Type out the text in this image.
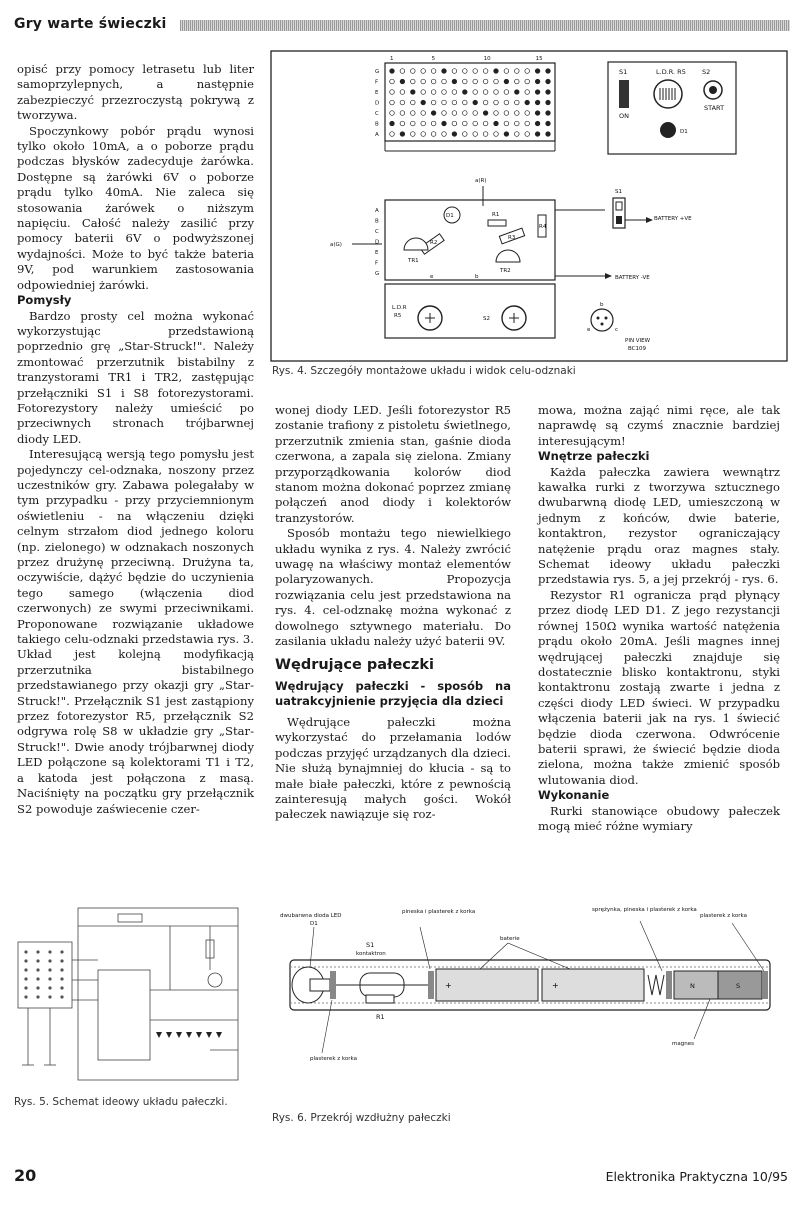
Gry warte świeczki

opisć przy pomocy letrasetu lub liter samoprzylepnych, a następnie zabezpieczyć przezroczystą pokrywą z tworzywa.

Spoczynkowy pobór prądu wynosi tylko około 10mA, a o poborze prądu podczas błysków zadecyduje żarówka. Dostępne są żarówki 6V o poborze prądu tylko 40mA. Nie zaleca się stosowania żarówek o niższym napięciu. Całość należy zasilić przy pomocy baterii 6V o podwyższonej wydajności. Może to być także bateria 9V, pod warunkiem zastosowania odpowiedniej żarówki.

Pomysły

Bardzo prosty cel można wykonać wykorzystując przedstawioną poprzednio grę „Star-Struck!". Należy zmontować przerzutnik bistabilny z tranzystorami TR1 i TR2, zastępując przełączniki S1 i S8 fotorezystorami. Fotorezystory należy umieścić po przeciwnych stronach trójbarwnej diody LED.

Interesującą wersją tego pomysłu jest pojedynczy cel-odznaka, noszony przez uczestników gry. Zabawa polegałaby w tym przypadku - przy przyciemnionym oświetleniu - na włączeniu dzięki celnym strzałom diod jednego koloru (np. zielonego) w odznakach noszonych przez drużynę przeciwną. Drużyna ta, oczywiście, dążyć będzie do uczynienia tego samego (włączenia diod czerwonych) ze swymi przeciwnikami. Proponowane rozwiązanie układowe takiego celu-odznaki przedstawia rys. 3. Układ jest kolejną modyfikacją przerzutnika bistabilnego przedstawianego przy okazji gry „Star-Struck!". Przełącznik S1 jest zastąpiony przez fotorezystor R5, przełącznik S2 odgrywa rolę S8 w układzie gry „Star-Struck!". Dwie anody trójbarwnej diody LED połączone są kolektorami T1 i T2, a katoda jest połączona z masą. Naciśnięty na początku gry przełącznik S2 powoduje zaświecenie czer-

G
F
E
D
C
B
A
1	5	10	15
S1	L.D.R. R5 S2
ON
START
D1
a(R)
A
B
C
D
E
F
G
a(G)
D1
R2
R3
R4
R1
TR1
TR2
e	b	BATTERY -VE
S1
BATTERY +VE
L.D.R
R5	S2
b
e	c
PIN VIEW
BC109
Rys. 4. Szczegóły montażowe układu i widok celu-odznaki

wonej diody LED. Jeśli fotorezystor R5 zostanie trafiony z pistoletu świetlnego, przerzutnik zmienia stan, gaśnie dioda czerwona, a zapala się zielona. Zmiany przyporządkowania kolorów diod stanom można dokonać poprzez zmianę połączeń anod diody i kolektorów tranzystorów.

Sposób montażu tego niewielkiego układu wynika z rys. 4. Należy zwrócić uwagę na właściwy montaż elementów polaryzowanych. Propozycja rozwiązania celu jest przedstawiona na rys. 4. cel-odznakę można wykonać z dowolnego sztywnego materiału. Do zasilania układu należy użyć baterii 9V.

Wędrujące pałeczki
Wędrujący pałeczki - sposób na uatrakcyjnienie przyjęcia dla dzieci

Wędrujące pałeczki można wykorzystać do przełamania lodów podczas przyjęć urządzanych dla dzieci. Nie służą bynajmniej do kłucia - są to małe białe pałeczki, które z pewnością zainteresują małych gości. Wokół pałeczek nawiązuje się roz-

mowa, można zająć nimi ręce, ale tak naprawdę są czymś znacznie bardziej interesującym!

Wnętrze pałeczki

Każda pałeczka zawiera wewnątrz kawałka rurki z tworzywa sztucznego dwubarwną diodę LED, umieszczoną w jednym z końców, dwie baterie, kontaktron, rezystor ograniczający natężenie prądu oraz magnes stały. Schemat ideowy układu pałeczki przedstawia rys. 5, a jej przekrój - rys. 6.

Rezystor R1 ogranicza prąd płynący przez diodę LED D1. Z jego rezystancji równej 150Ω wynika wartość natężenia prądu około 20mA. Jeśli magnes innej wędrującej pałeczki znajduje się dostatecznie blisko kontaktronu, styki kontaktronu zostają zwarte i jedna z części diody LED świeci. W przypadku włączenia baterii jak na rys. 1 świecić będzie dioda czerwona. Odwrócenie baterii sprawi, że świecić będzie dioda zielona, można także zmienić sposób wlutowania diod.

Wykonanie

Rurki stanowiące obudowy pałeczek mogą mieć różne wymiary

Rys. 5. Schemat ideowy układu pałeczki.
+	+	N	S
dwubarwna dioda LED
D1
pineska i plasterek z korka
S1
kontaktron
baterie
R1
sprężynka, pineska i plasterek z korka
plasterek z korka
plasterek z korka
magnes
Rys. 6. Przekrój wzdłużny pałeczki
20	Elektronika Praktyczna 10/95
